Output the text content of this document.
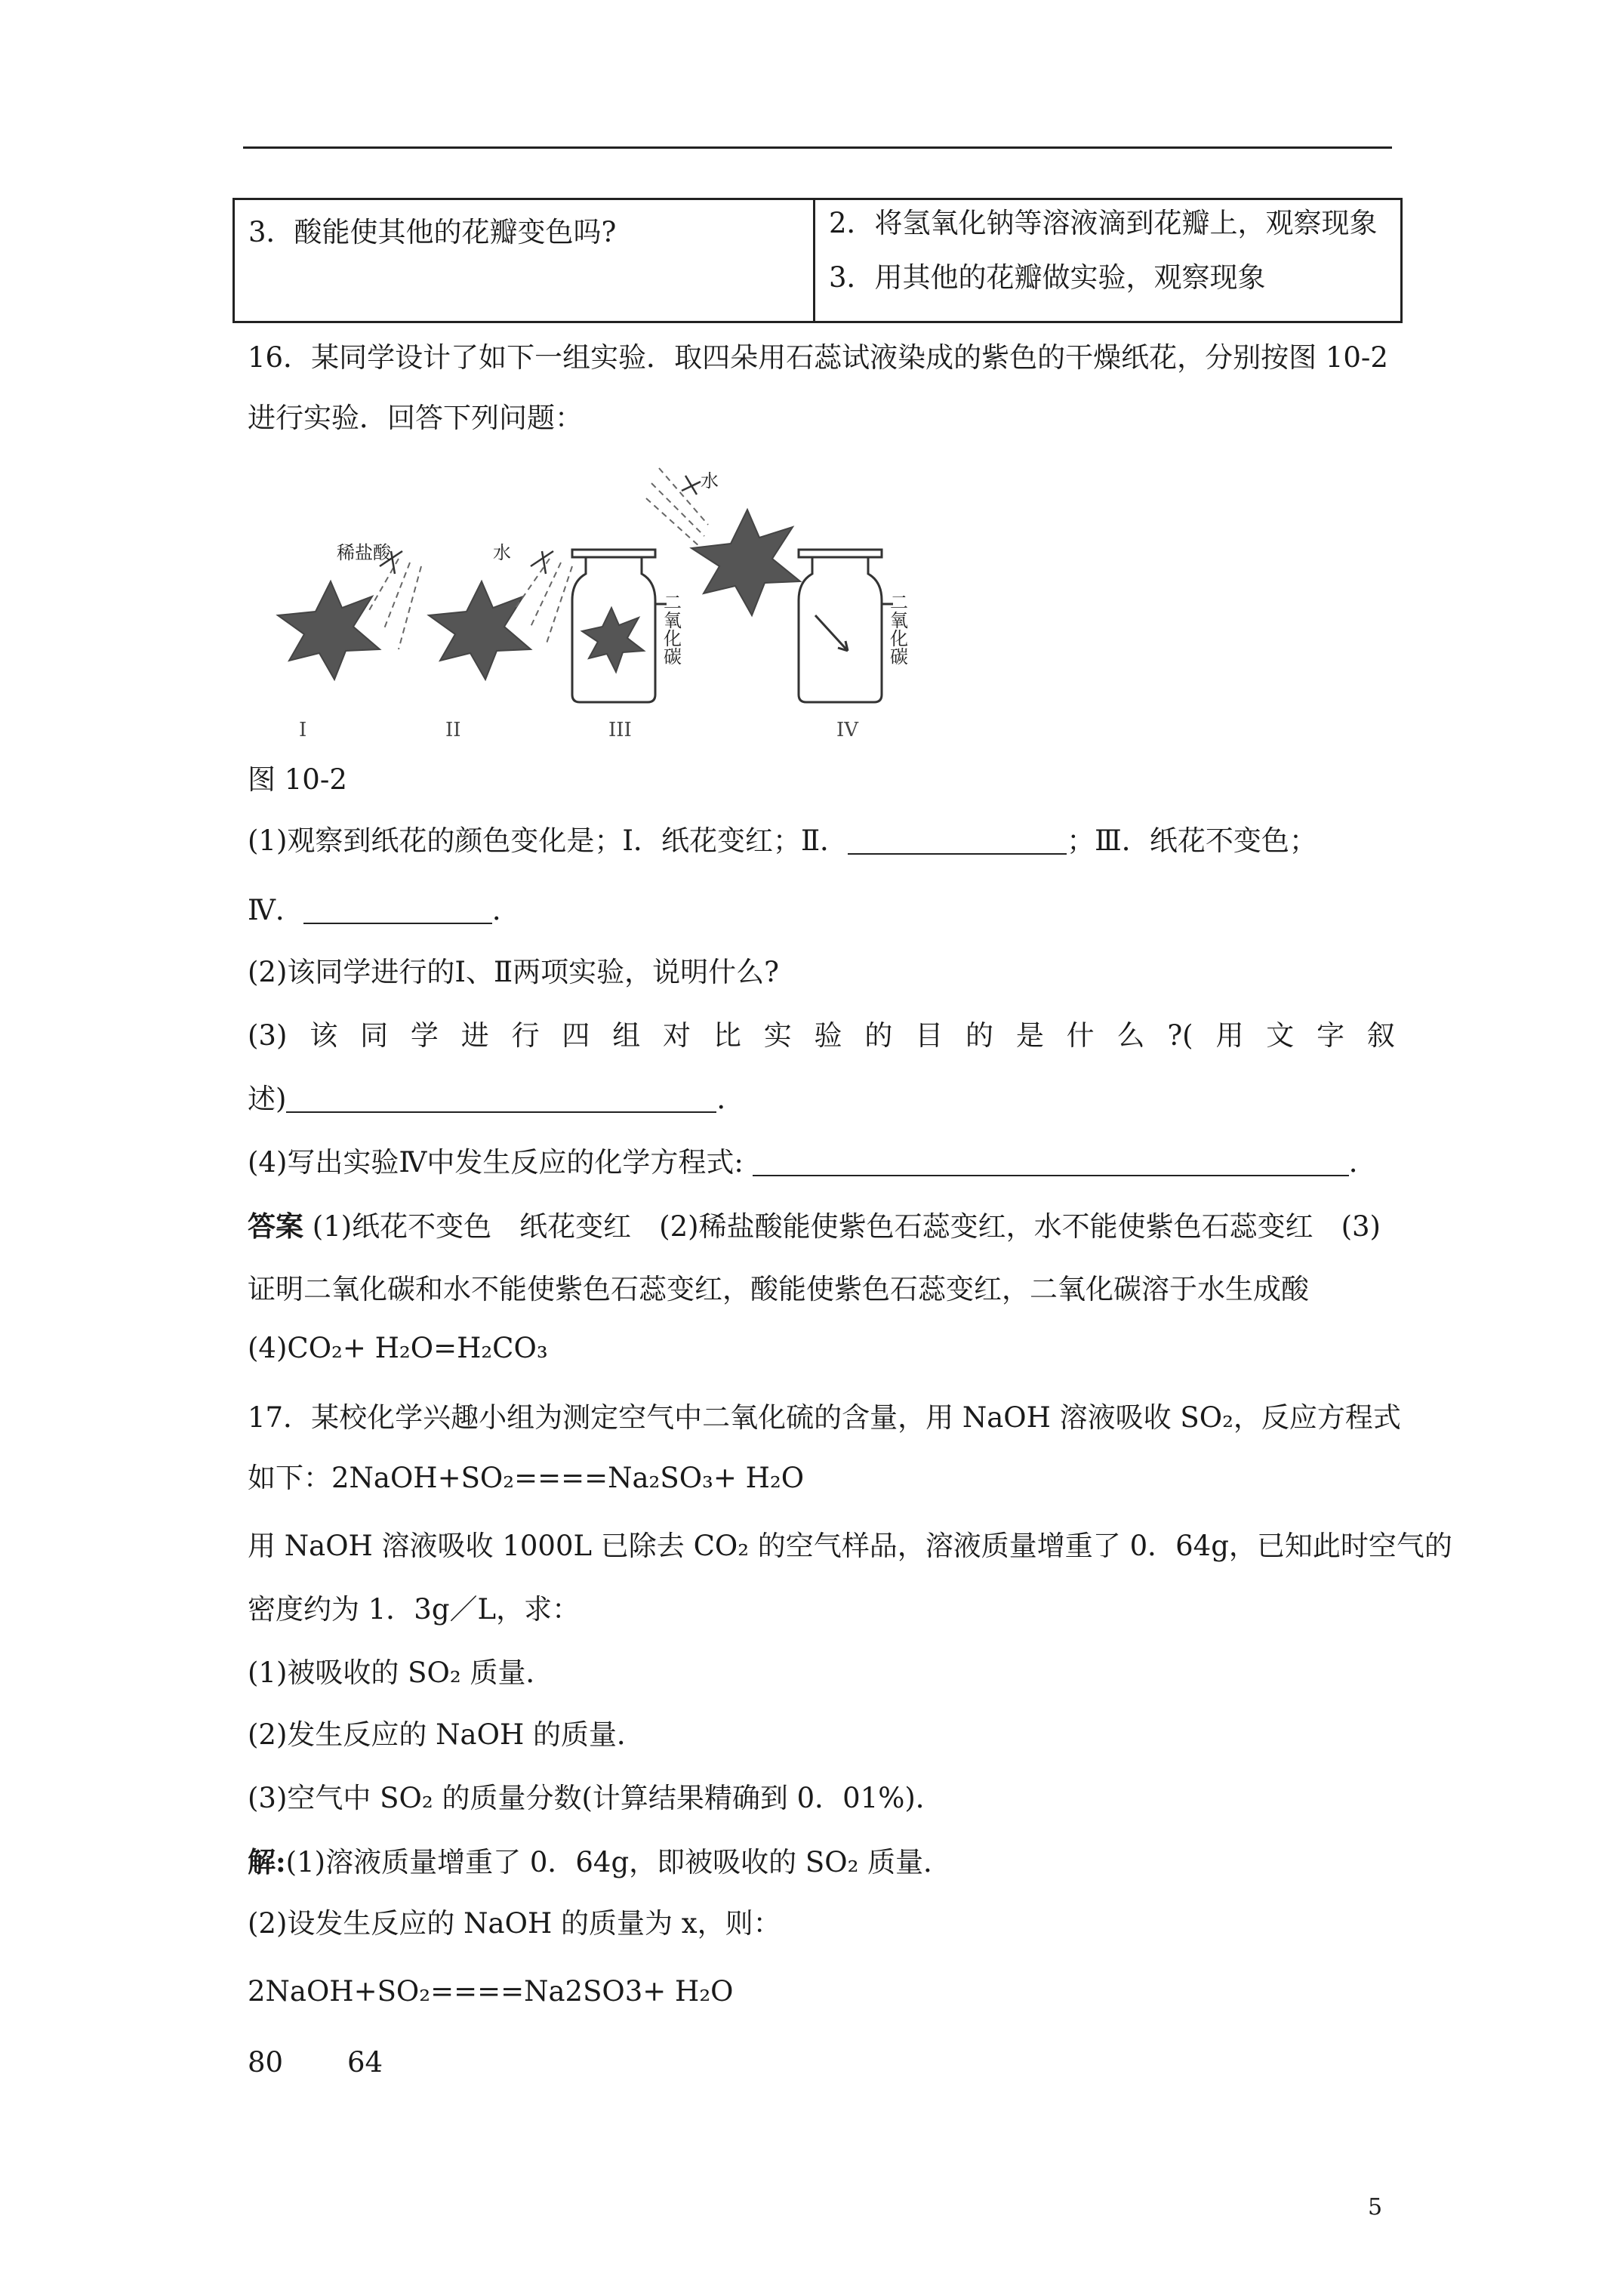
3．酸能使其他的花瓣变色吗?	2．将氢氧化钠等溶液滴到花瓣上，观察现象
3．用其他的花瓣做实验，观察现象
16．某同学设计了如下一组实验．取四朵用石蕊试液染成的紫色的干燥纸花，分别按图 10-2
进行实验．回答下列问题：
稀盐酸	水
水
二氧化碳	二氧化碳
I	II	III	IV
图 10-2
(1)观察到纸花的颜色变化是；Ⅰ．纸花变红；Ⅱ．	；Ⅲ．纸花不变色；
Ⅳ．	．
(2)该同学进行的Ⅰ、Ⅱ两项实验，说明什么?
(3) 该 同 学 进 行 四 组 对 比 实 验 的 目 的 是 什 么 ?( 用 文 字 叙
述)	．
(4)写出实验Ⅳ中发生反应的化学方程式:	．
答案 (1)纸花不变色　纸花变红　(2)稀盐酸能使紫色石蕊变红，水不能使紫色石蕊变红　(3)
证明二氧化碳和水不能使紫色石蕊变红，酸能使紫色石蕊变红，二氧化碳溶于水生成酸
(4)CO₂+ H₂O=H₂CO₃
17．某校化学兴趣小组为测定空气中二氧化硫的含量，用 NaOH 溶液吸收 SO₂，反应方程式
如下：2NaOH+SO₂====Na₂SO₃+ H₂O
用 NaOH 溶液吸收 1000L 已除去 CO₂ 的空气样品，溶液质量增重了 0．64g，已知此时空气的
密度约为 1．3g／L，求：
(1)被吸收的 SO₂ 质量．
(2)发生反应的 NaOH 的质量．
(3)空气中 SO₂ 的质量分数(计算结果精确到 0．01%)．
解:(1)溶液质量增重了 0．64g，即被吸收的 SO₂ 质量．
(2)设发生反应的 NaOH 的质量为 x，则：
2NaOH+SO₂====Na2SO3+ H₂O
80 64
5
